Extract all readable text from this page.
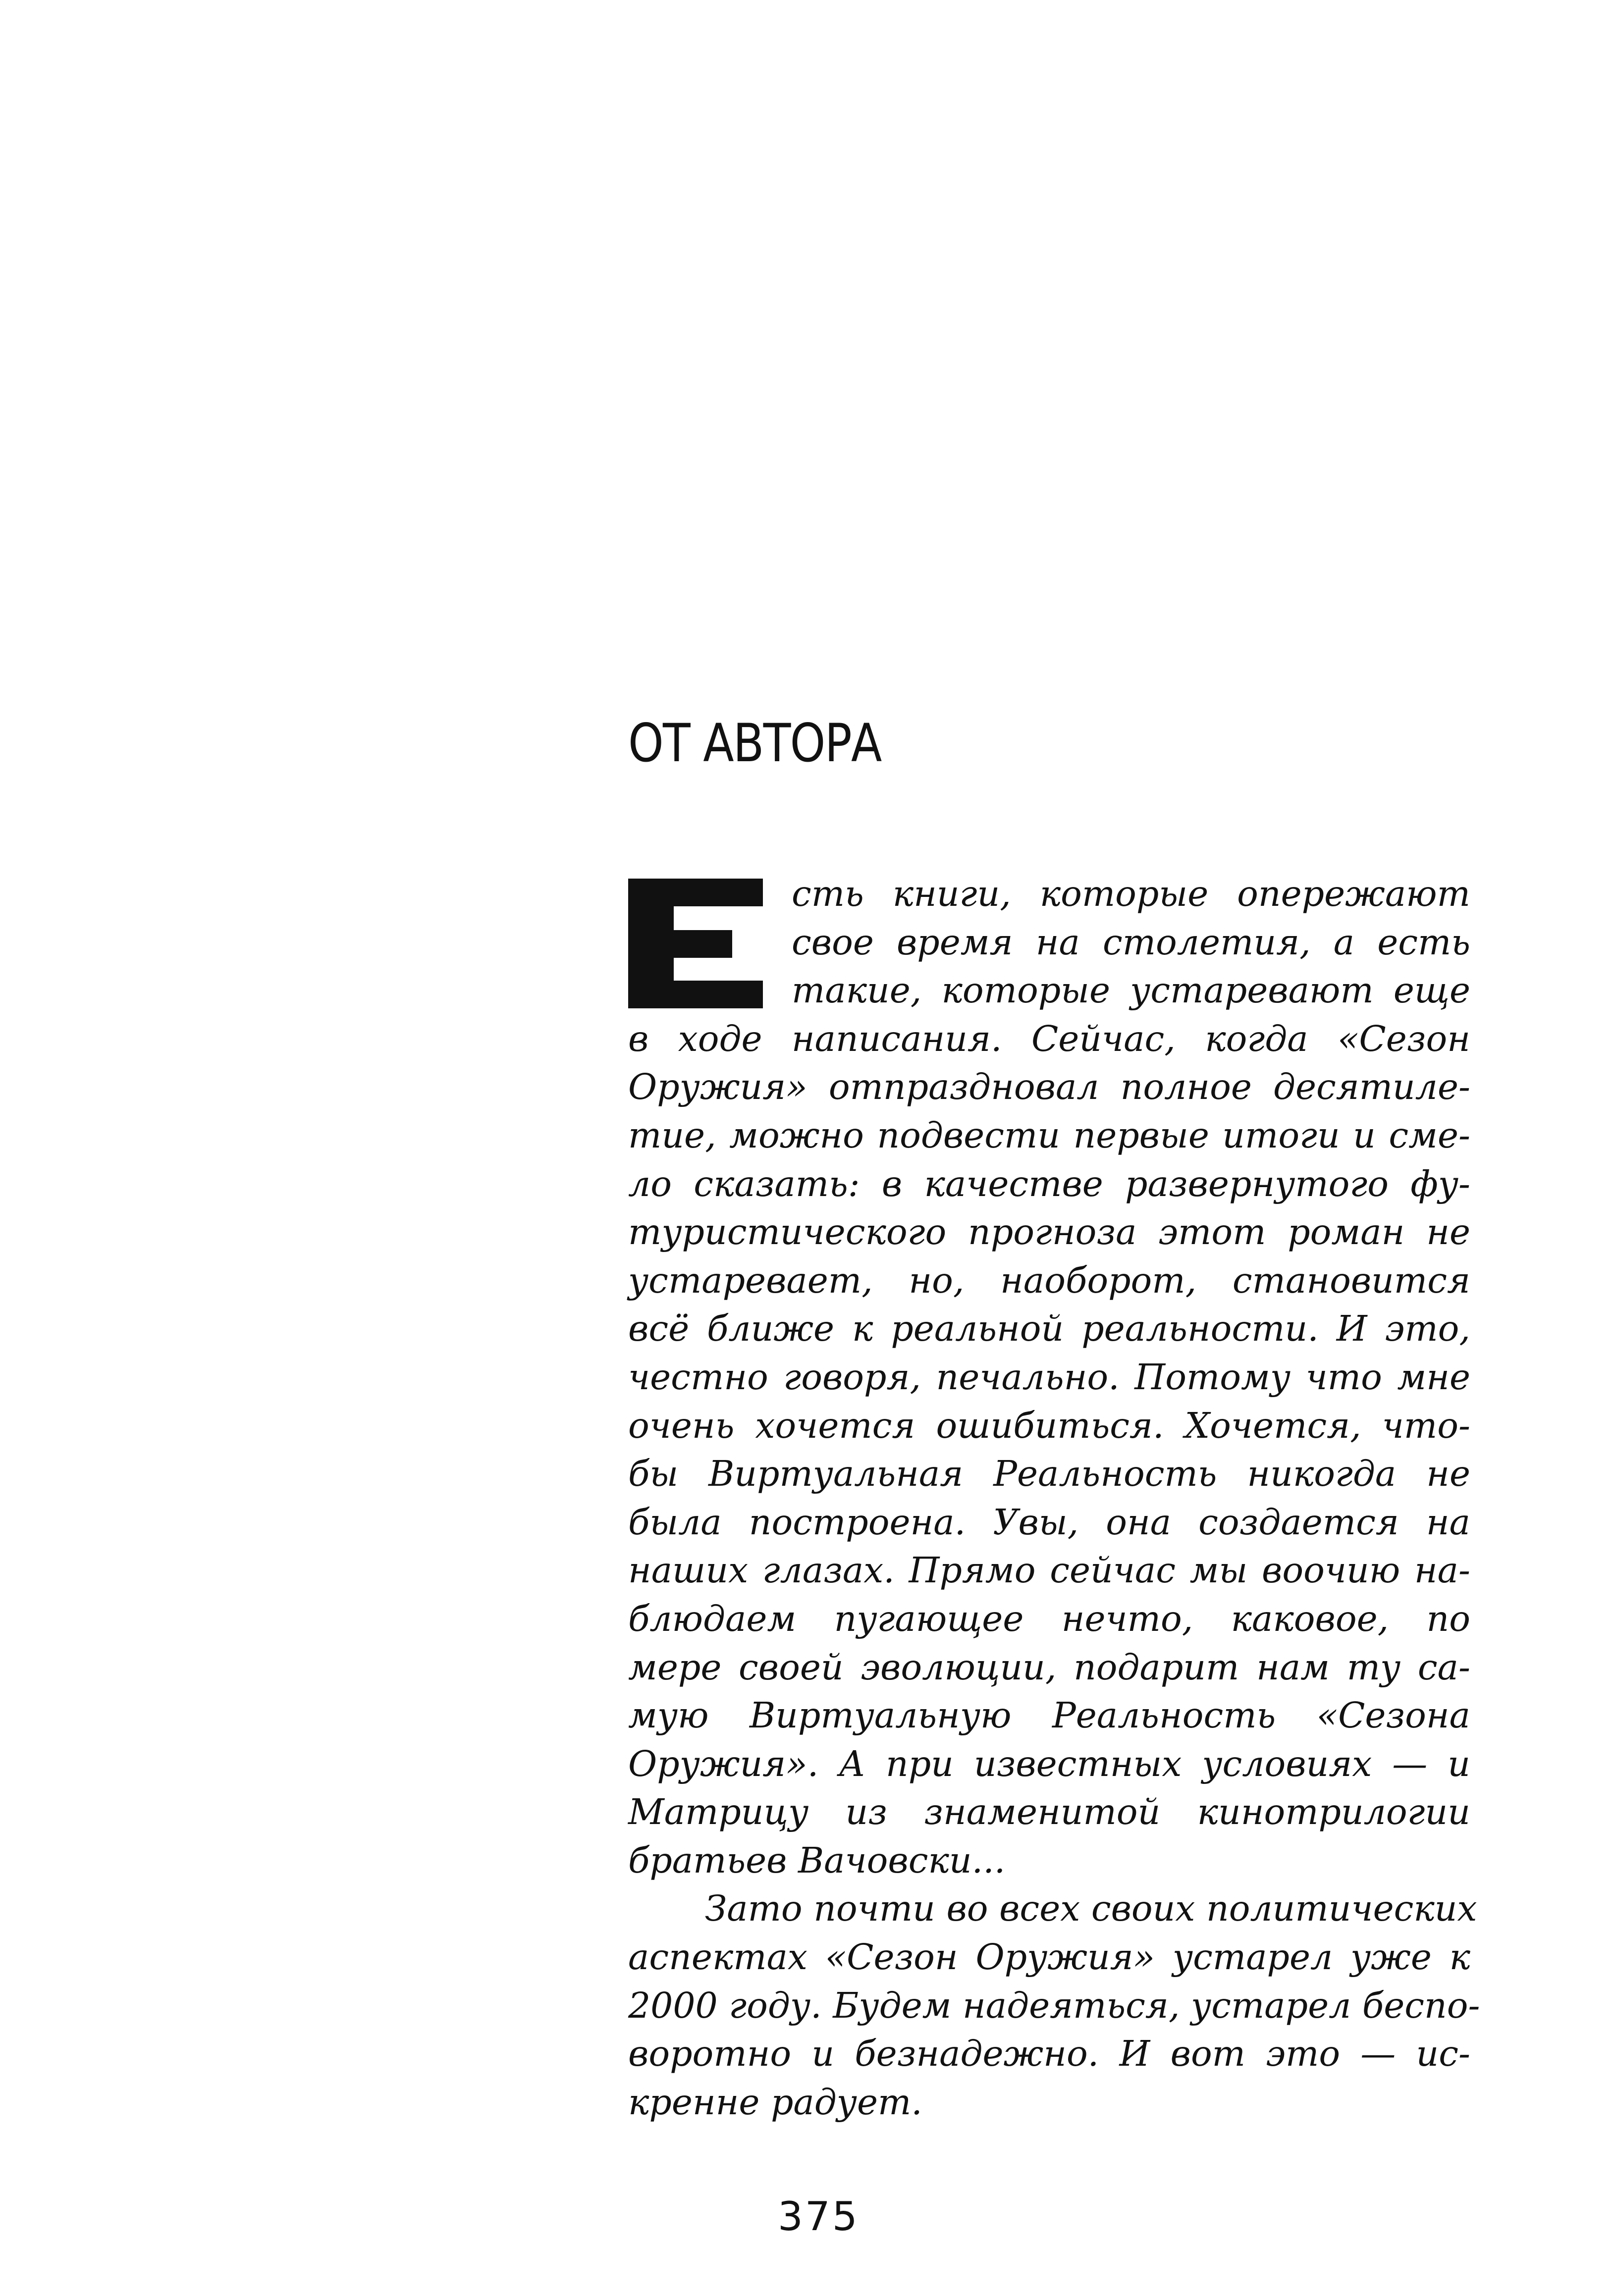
ОТ АВТОРА
сть книги, которые опережают
свое время на столетия, а есть
такие, которые устаревают еще
в ходе написания. Сейчас, когда «Сезон
Оружия» отпраздновал полное десятиле-
тие, можно подвести первые итоги и сме-
ло сказать: в качестве развернутого фу-
туристического прогноза этот роман не
устаревает, но, наоборот, становится
всё ближе к реальной реальности. И это,
честно говоря, печально. Потому что мне
очень хочется ошибиться. Хочется, что-
бы Виртуальная Реальность никогда не
была построена. Увы, она создается на
наших глазах. Прямо сейчас мы воочию на-
блюдаем пугающее нечто, каковое, по
мере своей эволюции, подарит нам ту са-
мую Виртуальную Реальность «Сезона
Оружия». А при известных условиях — и
Матрицу из знаменитой кинотрилогии
братьев Вачовски...
Зато почти во всех своих политических
аспектах «Сезон Оружия» устарел уже к
2000 году. Будем надеяться, устарел беспо-
воротно и безнадежно. И вот это — ис-
кренне радует.
375
